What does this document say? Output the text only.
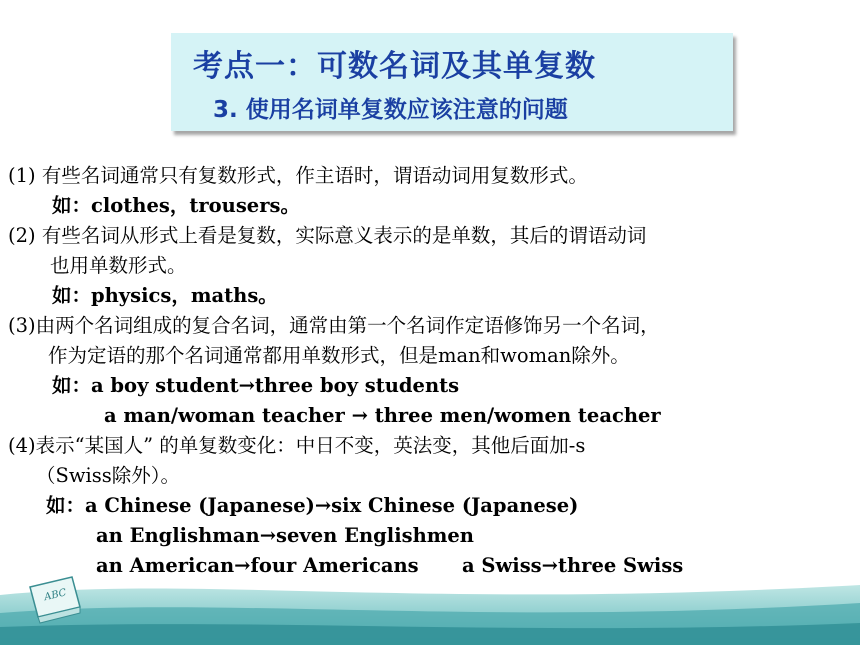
考点一：可数名词及其单复数
3. 使用名词单复数应该注意的问题
(1) 有些名词通常只有复数形式，作主语时，谓语动词用复数形式。
如：clothes，trousers。
(2) 有些名词从形式上看是复数，实际意义表示的是单数，其后的谓语动词
也用单数形式。
如：physics，maths。
(3)由两个名词组成的复合名词，通常由第一个名词作定语修饰另一个名词，
作为定语的那个名词通常都用单数形式，但是man和woman除外。
如：a boy student→three boy students
a man/woman teacher → three men/women teacher
(4)表示“某国人” 的单复数变化：中日不变，英法变，其他后面加-s
（Swiss除外）。
如：a Chinese (Japanese)→six Chinese (Japanese)
an Englishman→seven Englishmen
an American→four Americans a Swiss→three Swiss
ABC
